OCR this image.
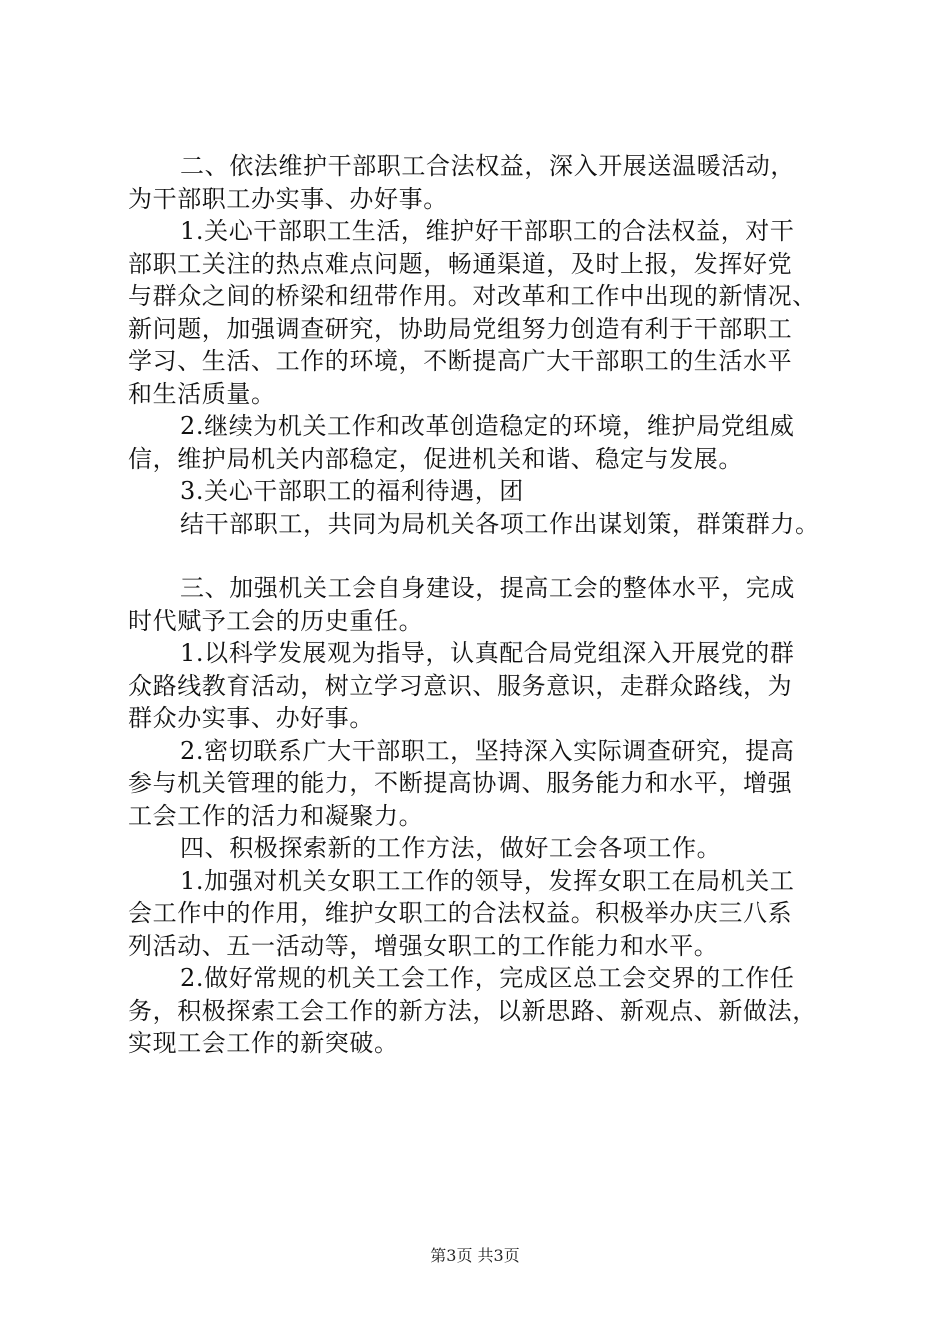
二、依法维护干部职工合法权益，深入开展送温暖活动，
为干部职工办实事、办好事。
1.关心干部职工生活，维护好干部职工的合法权益，对干
部职工关注的热点难点问题，畅通渠道，及时上报，发挥好党
与群众之间的桥梁和纽带作用。对改革和工作中出现的新情况、
新问题，加强调查研究，协助局党组努力创造有利于干部职工
学习、生活、工作的环境，不断提高广大干部职工的生活水平
和生活质量。
2.继续为机关工作和改革创造稳定的环境，维护局党组威
信，维护局机关内部稳定，促进机关和谐、稳定与发展。
3.关心干部职工的福利待遇，团
结干部职工，共同为局机关各项工作出谋划策，群策群力。
三、加强机关工会自身建设，提高工会的整体水平，完成
时代赋予工会的历史重任。
1.以科学发展观为指导，认真配合局党组深入开展党的群
众路线教育活动，树立学习意识、服务意识，走群众路线，为
群众办实事、办好事。
2.密切联系广大干部职工，坚持深入实际调查研究，提高
参与机关管理的能力，不断提高协调、服务能力和水平，增强
工会工作的活力和凝聚力。
四、积极探索新的工作方法，做好工会各项工作。
1.加强对机关女职工工作的领导，发挥女职工在局机关工
会工作中的作用，维护女职工的合法权益。积极举办庆三八系
列活动、五一活动等，增强女职工的工作能力和水平。
2.做好常规的机关工会工作，完成区总工会交界的工作任
务，积极探索工会工作的新方法，以新思路、新观点、新做法，
实现工会工作的新突破。
第3页 共3页
